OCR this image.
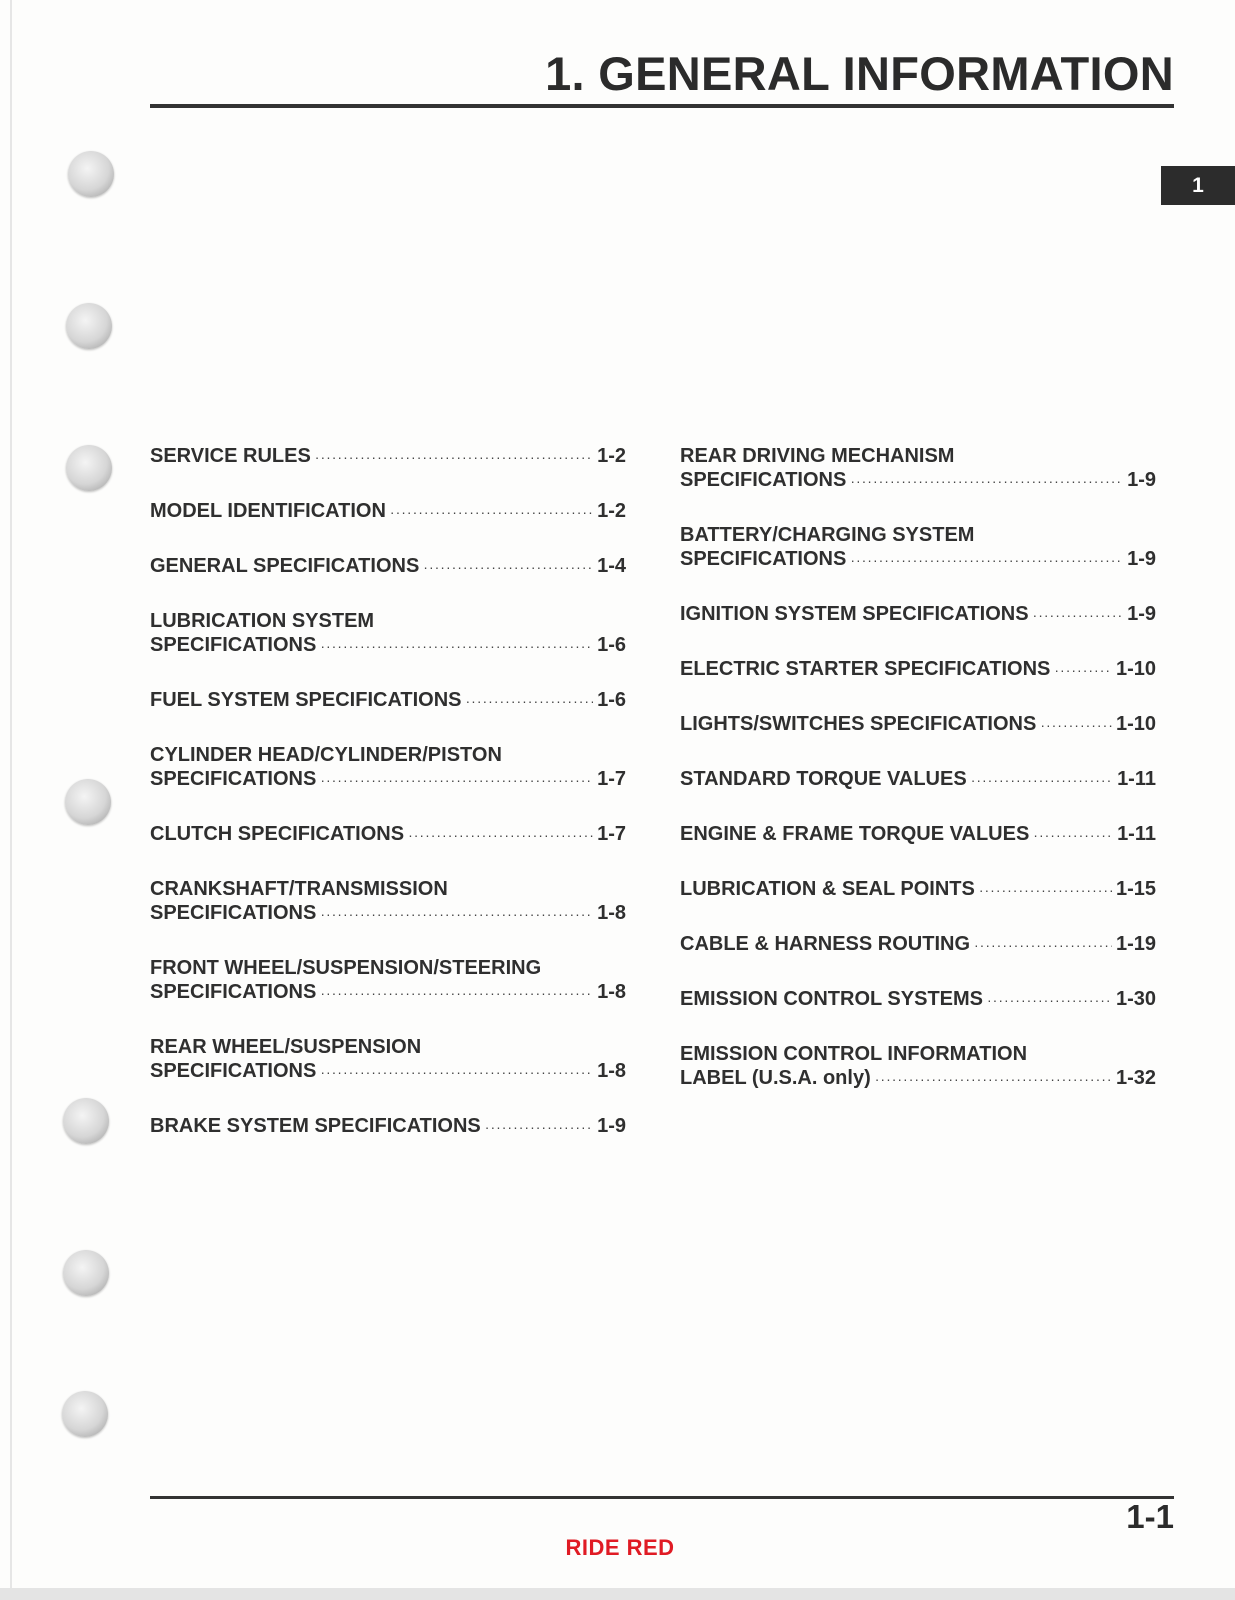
1. GENERAL INFORMATION
1
SERVICE RULES ·····	1-2
MODEL IDENTIFICATION ·····	1-2
GENERAL SPECIFICATIONS ·····	1-4
LUBRICATION SYSTEM
SPECIFICATIONS ·····	1-6
FUEL SYSTEM SPECIFICATIONS ·····	1-6
CYLINDER HEAD/CYLINDER/PISTON
SPECIFICATIONS ·····	1-7
CLUTCH SPECIFICATIONS ·····	1-7
CRANKSHAFT/TRANSMISSION
SPECIFICATIONS ·····	1-8
FRONT WHEEL/SUSPENSION/STEERING
SPECIFICATIONS ·····	1-8
REAR WHEEL/SUSPENSION
SPECIFICATIONS ·····	1-8
BRAKE SYSTEM SPECIFICATIONS ·····	1-9
REAR DRIVING MECHANISM
SPECIFICATIONS ·····	1-9
BATTERY/CHARGING SYSTEM
SPECIFICATIONS ·····	1-9
IGNITION SYSTEM SPECIFICATIONS ·····	1-9
ELECTRIC STARTER SPECIFICATIONS ·····	1-10
LIGHTS/SWITCHES SPECIFICATIONS ·····	1-10
STANDARD TORQUE VALUES ·····	1-11
ENGINE & FRAME TORQUE VALUES ·····	1-11
LUBRICATION & SEAL POINTS ·····	1-15
CABLE & HARNESS ROUTING ·····	1-19
EMISSION CONTROL SYSTEMS ·····	1-30
EMISSION CONTROL INFORMATION
LABEL (U.S.A. only) ·····	1-32
1-1
RIDE RED
